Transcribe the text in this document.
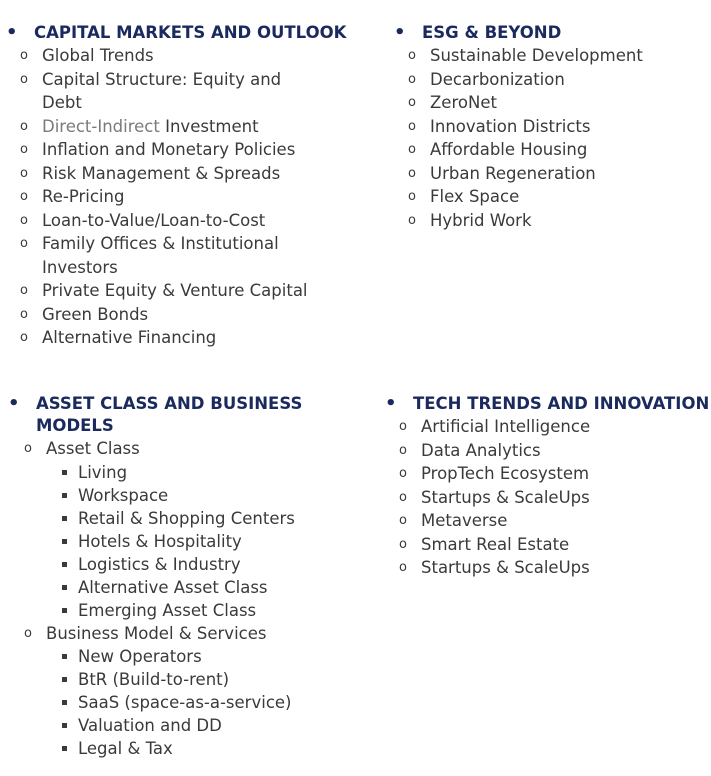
• CAPITAL MARKETS AND OUTLOOK
o Global Trends
o Capital Structure: Equity and Debt
o Direct-Indirect Investment
o Inflation and Monetary Policies
o Risk Management & Spreads
o Re-Pricing
o Loan-to-Value/Loan-to-Cost
o Family Offices & Institutional Investors
o Private Equity & Venture Capital
o Green Bonds
o Alternative Financing
• ESG & BEYOND
o Sustainable Development
o Decarbonization
o ZeroNet
o Innovation Districts
o Affordable Housing
o Urban Regeneration
o Flex Space
o Hybrid Work
• ASSET CLASS AND BUSINESS MODELS
o Asset Class
Living
Workspace
Retail & Shopping Centers
Hotels & Hospitality
Logistics & Industry
Alternative Asset Class
Emerging Asset Class
o Business Model & Services
New Operators
BtR (Build-to-rent)
SaaS (space-as-a-service)
Valuation and DD
Legal & Tax
• TECH TRENDS AND INNOVATION
o Artificial Intelligence
o Data Analytics
o PropTech Ecosystem
o Startups & ScaleUps
o Metaverse
o Smart Real Estate
o Startups & ScaleUps
